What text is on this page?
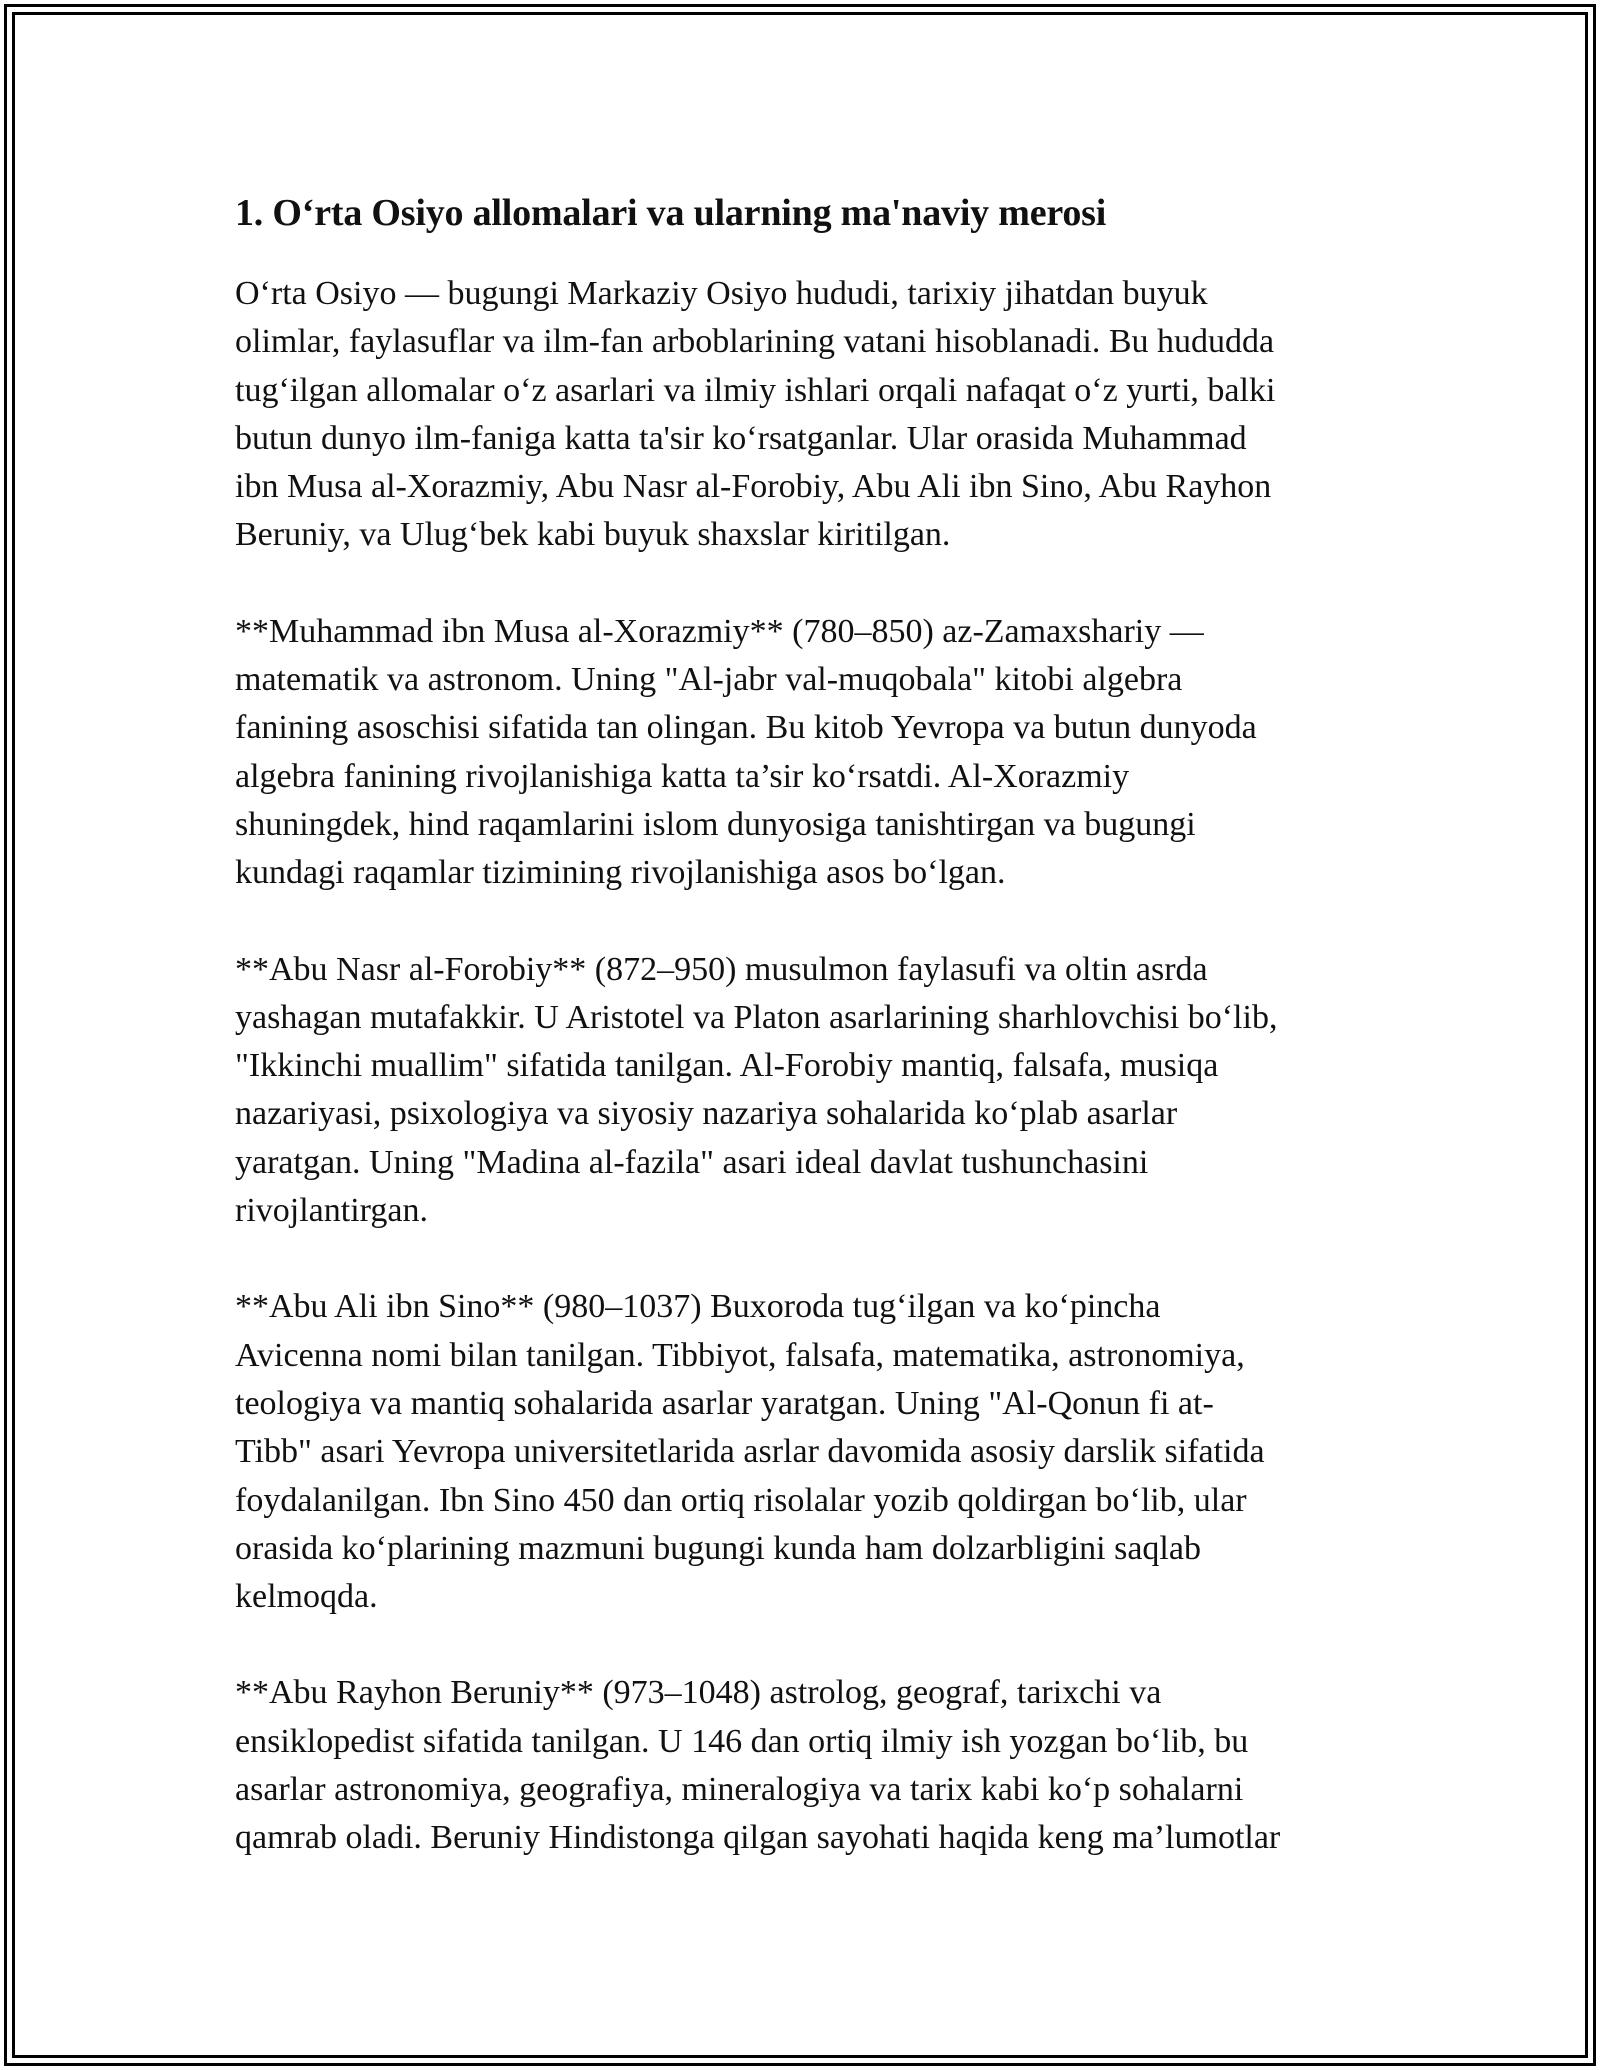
1. O‘rta Osiyo allomalari va ularning ma'naviy merosi

O‘rta Osiyo — bugungi Markaziy Osiyo hududi, tarixiy jihatdan buyuk
olimlar, faylasuflar va ilm-fan arboblarining vatani hisoblanadi. Bu hududda
tug‘ilgan allomalar o‘z asarlari va ilmiy ishlari orqali nafaqat o‘z yurti, balki
butun dunyo ilm-faniga katta ta'sir ko‘rsatganlar. Ular orasida Muhammad
ibn Musa al-Xorazmiy, Abu Nasr al-Forobiy, Abu Ali ibn Sino, Abu Rayhon
Beruniy, va Ulug‘bek kabi buyuk shaxslar kiritilgan.

**Muhammad ibn Musa al-Xorazmiy** (780–850) az-Zamaxshariy —
matematik va astronom. Uning "Al-jabr val-muqobala" kitobi algebra
fanining asoschisi sifatida tan olingan. Bu kitob Yevropa va butun dunyoda
algebra fanining rivojlanishiga katta ta’sir ko‘rsatdi. Al-Xorazmiy
shuningdek, hind raqamlarini islom dunyosiga tanishtirgan va bugungi
kundagi raqamlar tizimining rivojlanishiga asos bo‘lgan.

**Abu Nasr al-Forobiy** (872–950) musulmon faylasufi va oltin asrda
yashagan mutafakkir. U Aristotel va Platon asarlarining sharhlovchisi bo‘lib,
"Ikkinchi muallim" sifatida tanilgan. Al-Forobiy mantiq, falsafa, musiqa
nazariyasi, psixologiya va siyosiy nazariya sohalarida ko‘plab asarlar
yaratgan. Uning "Madina al-fazila" asari ideal davlat tushunchasini
rivojlantirgan.

**Abu Ali ibn Sino** (980–1037) Buxoroda tug‘ilgan va ko‘pincha
Avicenna nomi bilan tanilgan. Tibbiyot, falsafa, matematika, astronomiya,
teologiya va mantiq sohalarida asarlar yaratgan. Uning "Al-Qonun fi at-
Tibb" asari Yevropa universitetlarida asrlar davomida asosiy darslik sifatida
foydalanilgan. Ibn Sino 450 dan ortiq risolalar yozib qoldirgan bo‘lib, ular
orasida ko‘plarining mazmuni bugungi kunda ham dolzarbligini saqlab
kelmoqda.

**Abu Rayhon Beruniy** (973–1048) astrolog, geograf, tarixchi va
ensiklopedist sifatida tanilgan. U 146 dan ortiq ilmiy ish yozgan bo‘lib, bu
asarlar astronomiya, geografiya, mineralogiya va tarix kabi ko‘p sohalarni
qamrab oladi. Beruniy Hindistonga qilgan sayohati haqida keng ma’lumotlar
